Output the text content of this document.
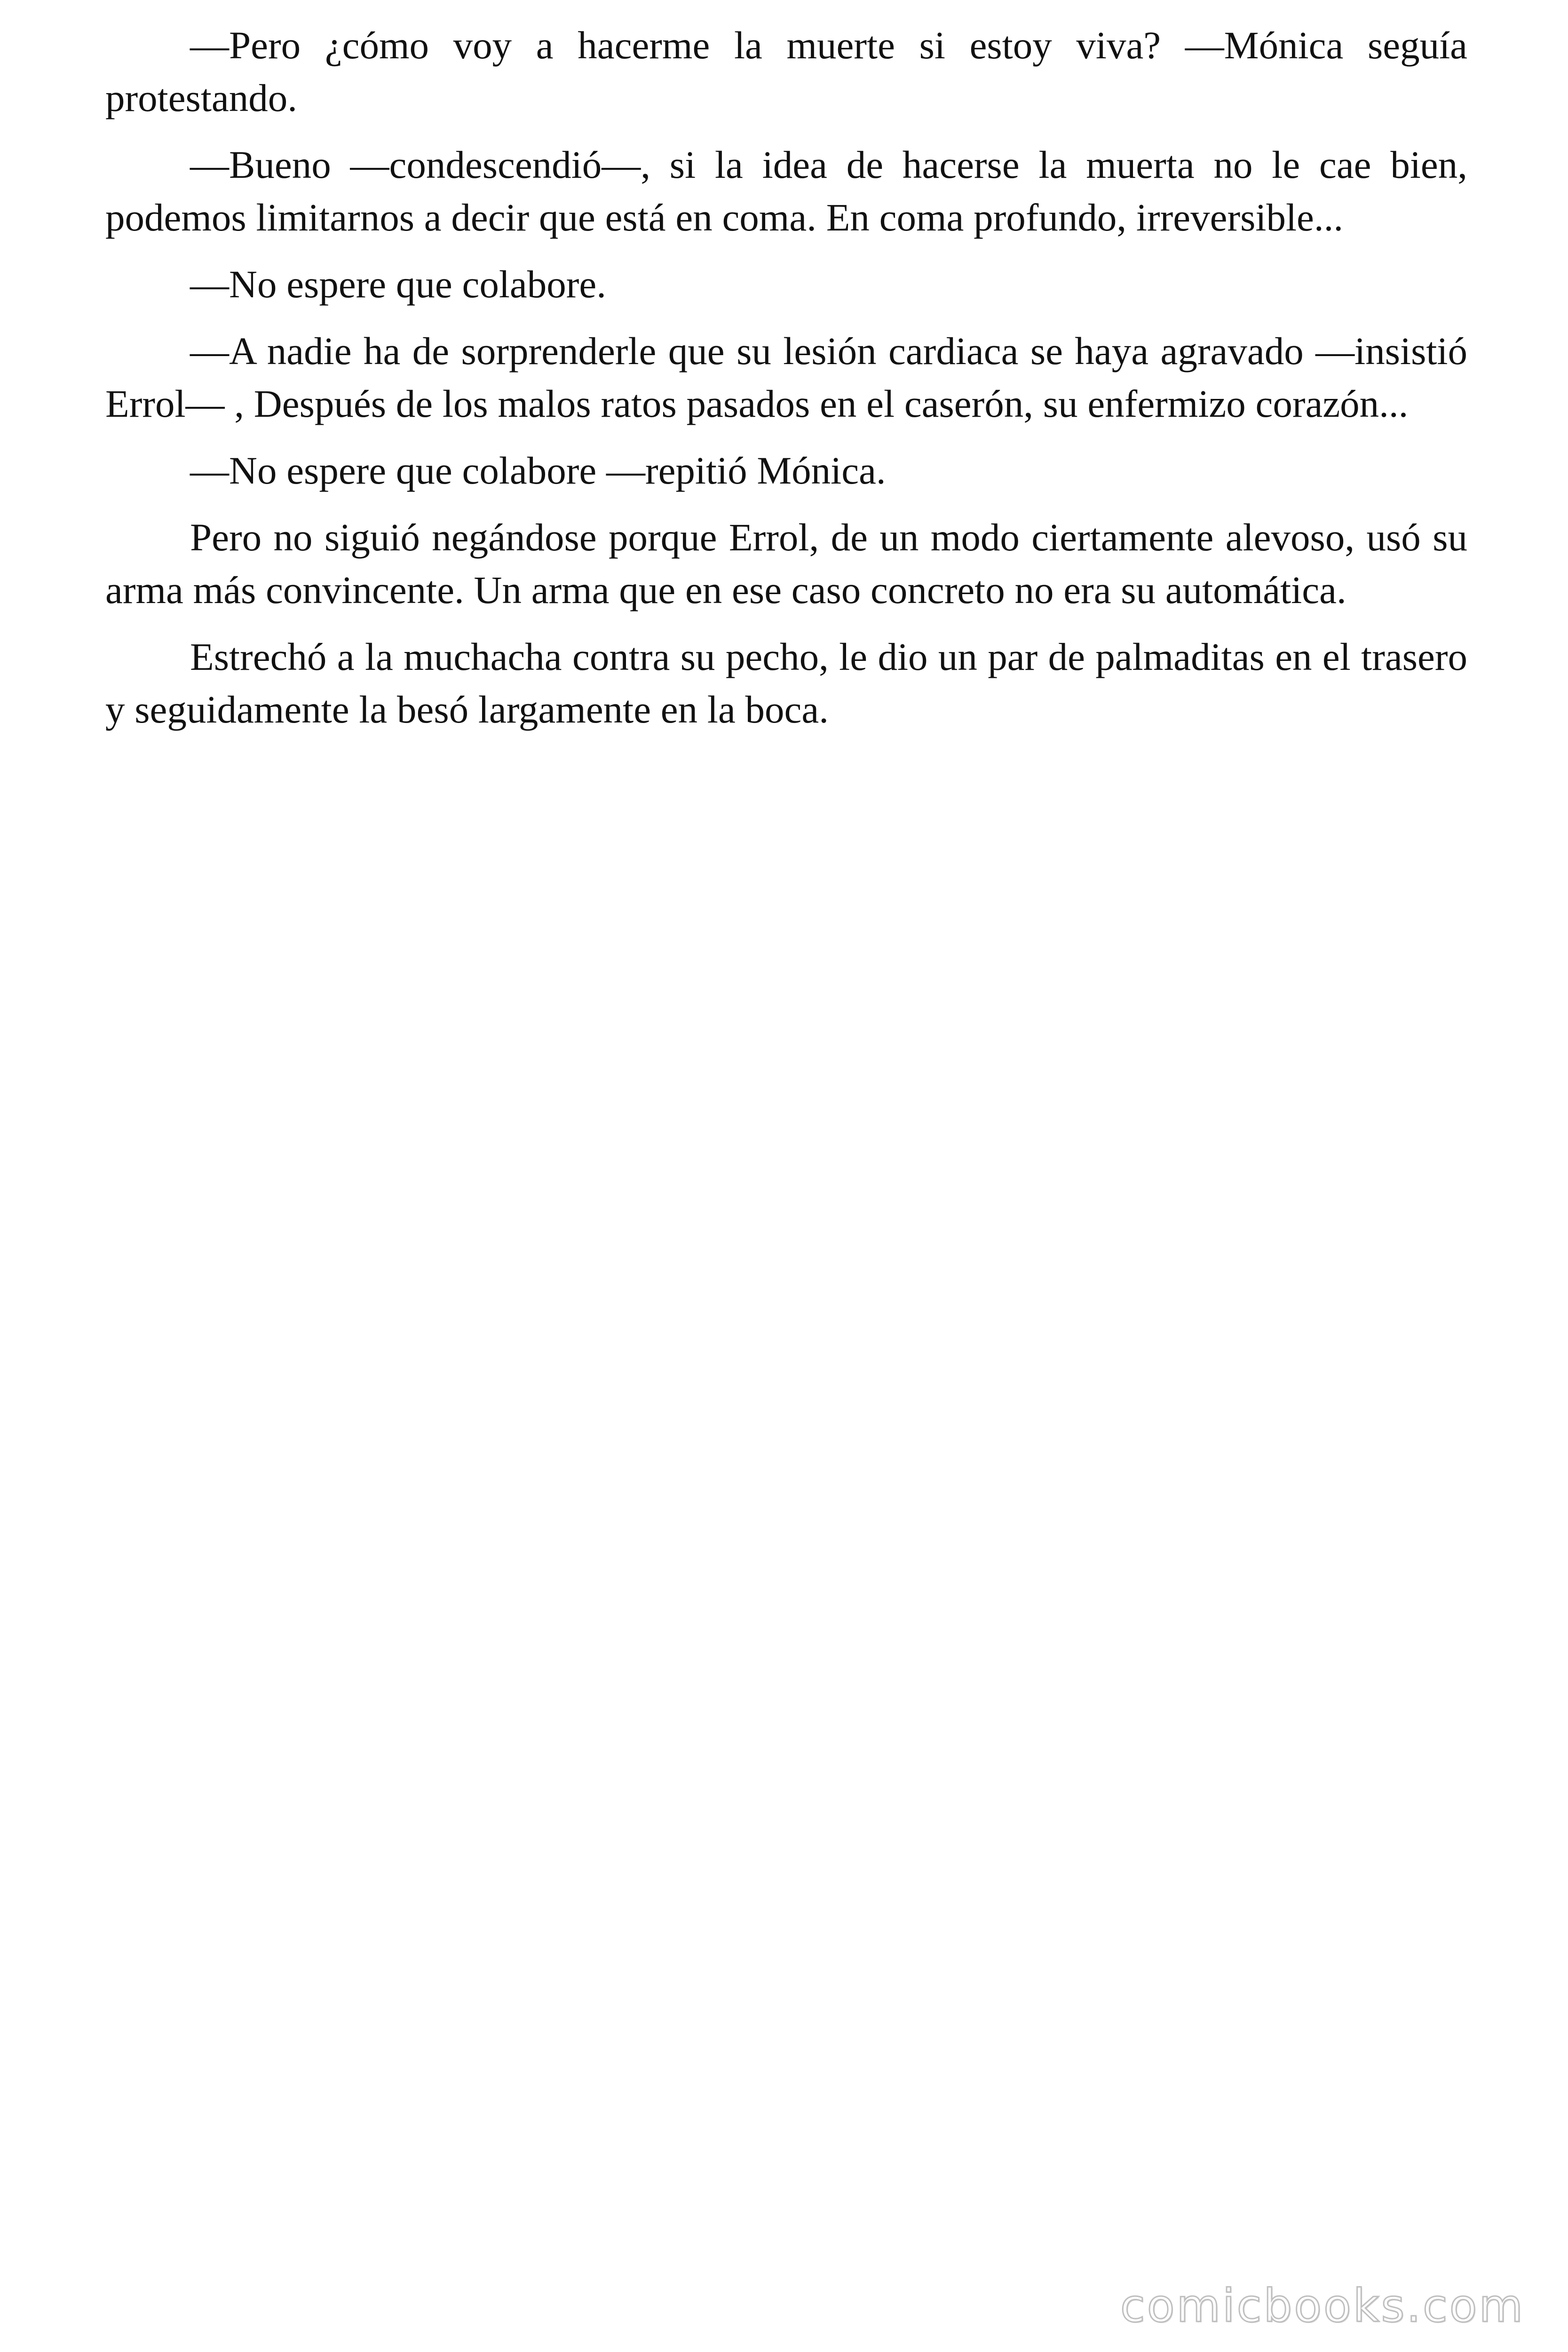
—Pero ¿cómo voy a hacerme la muerte si estoy viva? —Mónica seguía protestando.

—Bueno —condescendió—, si la idea de hacerse la muerta no le cae bien, podemos limitarnos a decir que está en coma. En coma profundo, irreversible...

—No espere que colabore.

—A nadie ha de sorprenderle que su lesión cardiaca se haya agravado —insistió Errol— , Después de los malos ratos pasados en el caserón, su enfermizo corazón...

—No espere que colabore —repitió Mónica.

Pero no siguió negándose porque Errol, de un modo ciertamente alevoso, usó su arma más convincente. Un arma que en ese caso concreto no era su automática.

Estrechó a la muchacha contra su pecho, le dio un par de palmaditas en el trasero y seguidamente la besó largamente en la boca.

comicbooks.com
